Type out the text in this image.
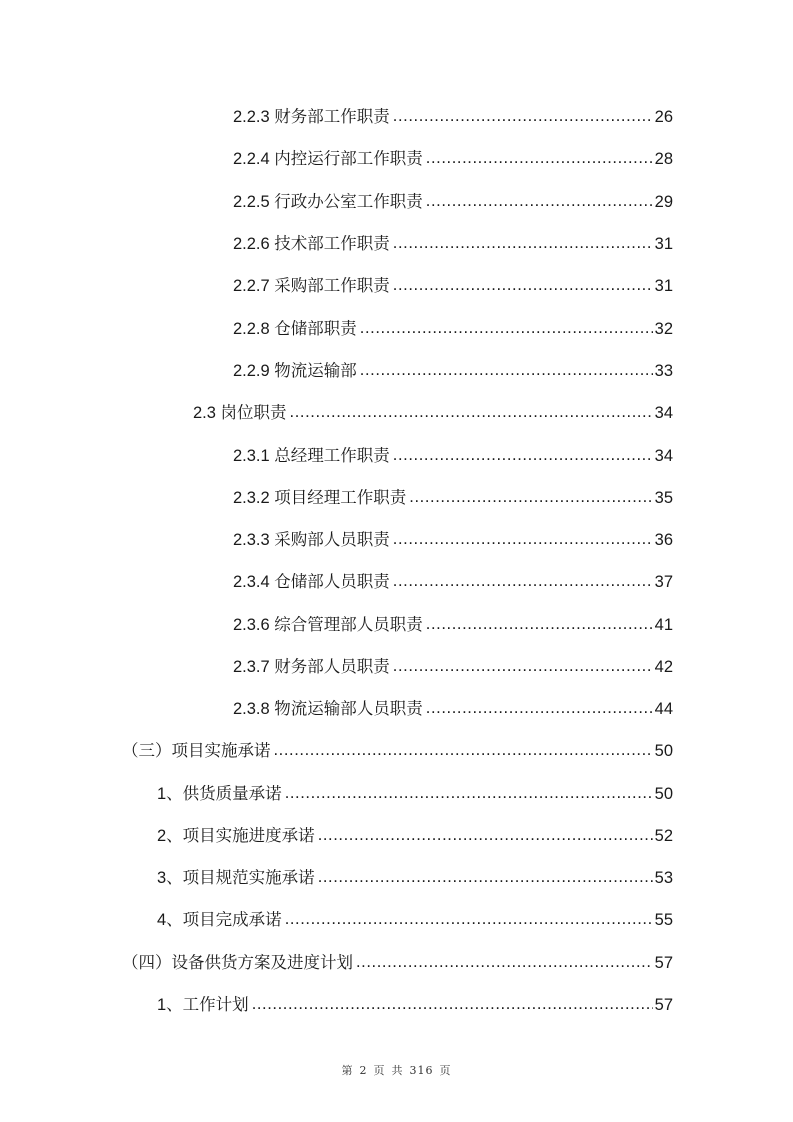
2.2.3 财务部工作职责 .....	26
2.2.4 内控运行部工作职责 .....	28
2.2.5 行政办公室工作职责 .....	29
2.2.6 技术部工作职责 .....	31
2.2.7 采购部工作职责 .....	31
2.2.8 仓储部职责 .....	32
2.2.9 物流运输部 .....	33
2.3 岗位职责 .....	34
2.3.1 总经理工作职责 .....	34
2.3.2 项目经理工作职责 .....	35
2.3.3 采购部人员职责 .....	36
2.3.4 仓储部人员职责 .....	37
2.3.6 综合管理部人员职责 .....	41
2.3.7 财务部人员职责 .....	42
2.3.8 物流运输部人员职责 .....	44
（三）项目实施承诺 .....	50
1、供货质量承诺 .....	50
2、项目实施进度承诺 .....	52
3、项目规范实施承诺 .....	53
4、项目完成承诺 .....	55
（四）设备供货方案及进度计划 .....	57
1、工作计划 .....	57
第 2 页 共 316 页
